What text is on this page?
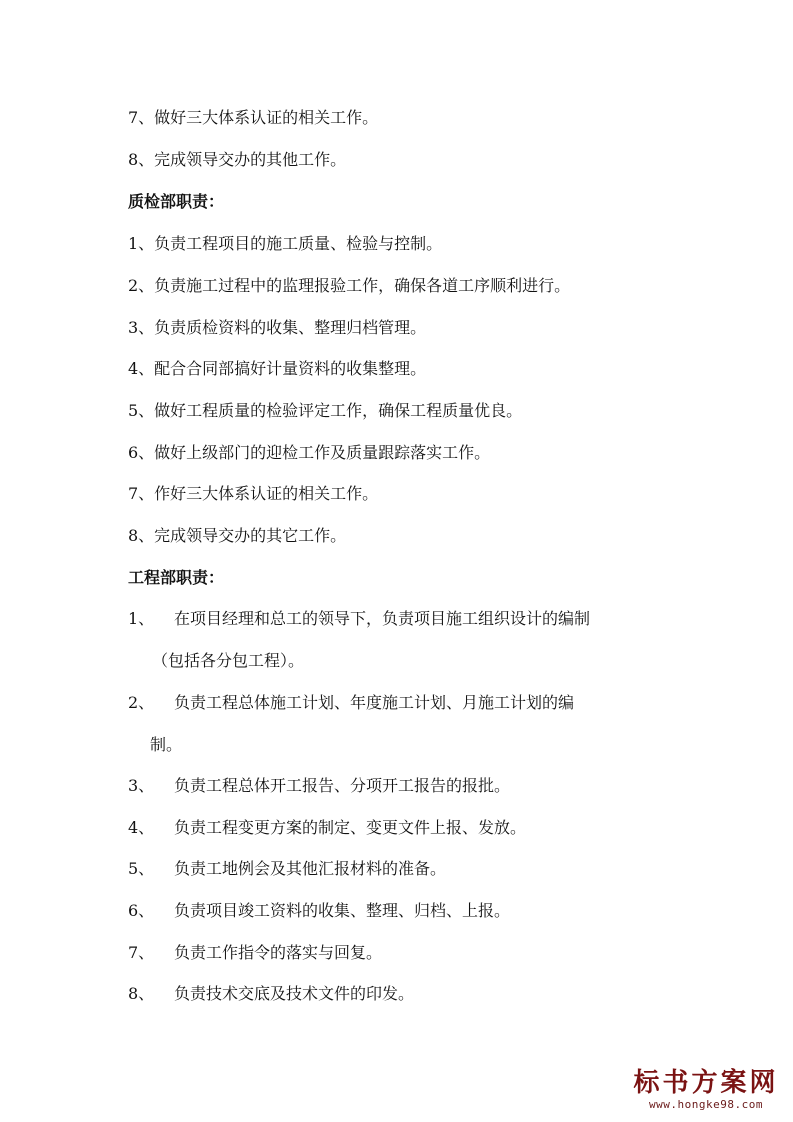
7、做好三大体系认证的相关工作。
8、完成领导交办的其他工作。
质检部职责：
1、负责工程项目的施工质量、检验与控制。
2、负责施工过程中的监理报验工作，确保各道工序顺利进行。
3、负责质检资料的收集、整理归档管理。
4、配合合同部搞好计量资料的收集整理。
5、做好工程质量的检验评定工作，确保工程质量优良。
6、做好上级部门的迎检工作及质量跟踪落实工作。
7、作好三大体系认证的相关工作。
8、完成领导交办的其它工作。
工程部职责：
1、 在项目经理和总工的领导下，负责项目施工组织设计的编制
（包括各分包工程）。
2、 负责工程总体施工计划、年度施工计划、月施工计划的编
制。
3、 负责工程总体开工报告、分项开工报告的报批。
4、 负责工程变更方案的制定、变更文件上报、发放。
5、 负责工地例会及其他汇报材料的准备。
6、 负责项目竣工资料的收集、整理、归档、上报。
7、 负责工作指令的落实与回复。
8、 负责技术交底及技术文件的印发。
标书方案网
www.hongke98.com
